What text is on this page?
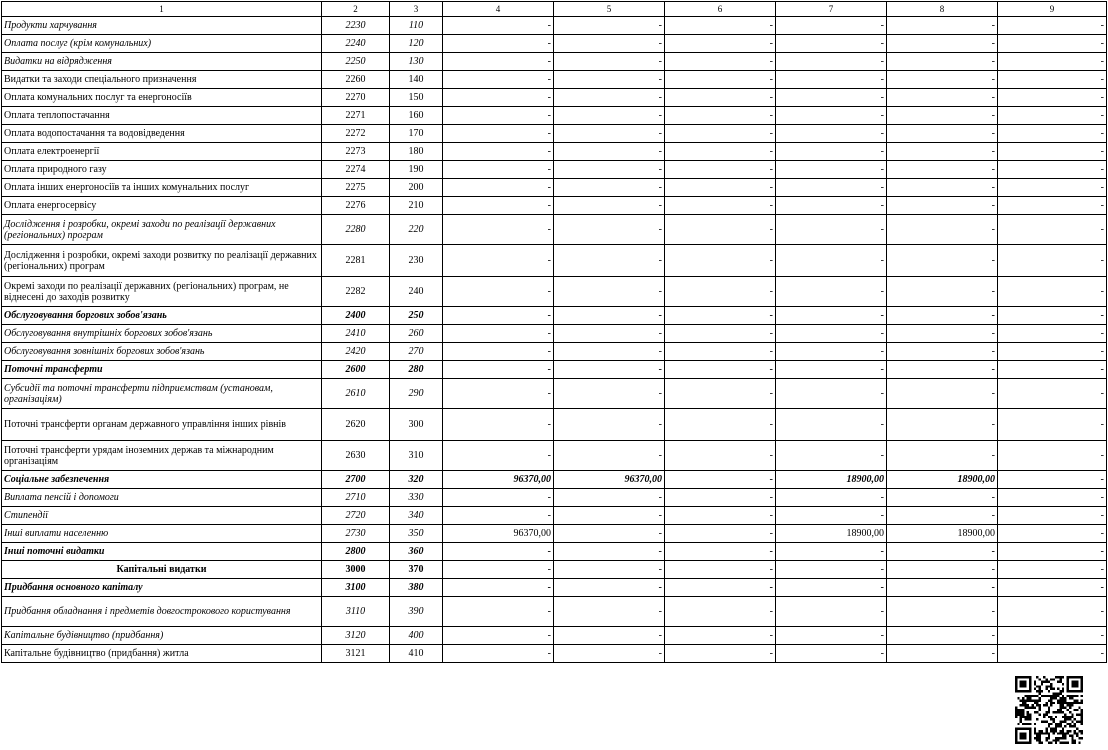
1	2	3	4	5	6	7	8	9
Продукти харчування	2230	110	-	-	-	-	-	-
Оплата послуг (крім комунальних)	2240	120	-	-	-	-	-	-
Видатки на відрядження	2250	130	-	-	-	-	-	-
Видатки та заходи спеціального призначення	2260	140	-	-	-	-	-	-
Оплата комунальних послуг та енергоносіїв	2270	150	-	-	-	-	-	-
Оплата теплопостачання	2271	160	-	-	-	-	-	-
Оплата водопостачання та водовідведення	2272	170	-	-	-	-	-	-
Оплата електроенергії	2273	180	-	-	-	-	-	-
Оплата природного газу	2274	190	-	-	-	-	-	-
Оплата інших енергоносіїв та інших комунальних послуг	2275	200	-	-	-	-	-	-
Оплата енергосервісу	2276	210	-	-	-	-	-	-
Дослідження і розробки, окремі заходи по реалізації державних (регіональних) програм	2280	220	-	-	-	-	-	-
Дослідження і розробки, окремі заходи розвитку по реалізації державних (регіональних) програм	2281	230	-	-	-	-	-	-
Окремі заходи по реалізації державних (регіональних) програм, не віднесені до заходів розвитку	2282	240	-	-	-	-	-	-
Обслуговування боргових зобов'язань	2400	250	-	-	-	-	-	-
Обслуговування внутрішніх боргових зобов'язань	2410	260	-	-	-	-	-	-
Обслуговування зовнішніх боргових зобов'язань	2420	270	-	-	-	-	-	-
Поточні трансферти	2600	280	-	-	-	-	-	-
Субсидії та поточні трансферти підприємствам (установам, організаціям)	2610	290	-	-	-	-	-	-
Поточні трансферти органам державного управління інших рівнів	2620	300	-	-	-	-	-	-
Поточні трансферти урядам іноземних держав та міжнародним організаціям	2630	310	-	-	-	-	-	-
Соціальне забезпечення	2700	320	96370,00	96370,00	-	18900,00	18900,00	-
Виплата пенсій і допомоги	2710	330	-	-	-	-	-	-
Стипендії	2720	340	-	-	-	-	-	-
Інші виплати населенню	2730	350	96370,00	-	-	18900,00	18900,00	-
Інші поточні видатки	2800	360	-	-	-	-	-	-
Капітальні видатки	3000	370	-	-	-	-	-	-
Придбання основного капіталу	3100	380	-	-	-	-	-	-
Придбання обладнання і предметів довгострокового користування	3110	390	-	-	-	-	-	-
Капітальне будівництво (придбання)	3120	400	-	-	-	-	-	-
Капітальне будівництво (придбання) житла	3121	410	-	-	-	-	-	-
